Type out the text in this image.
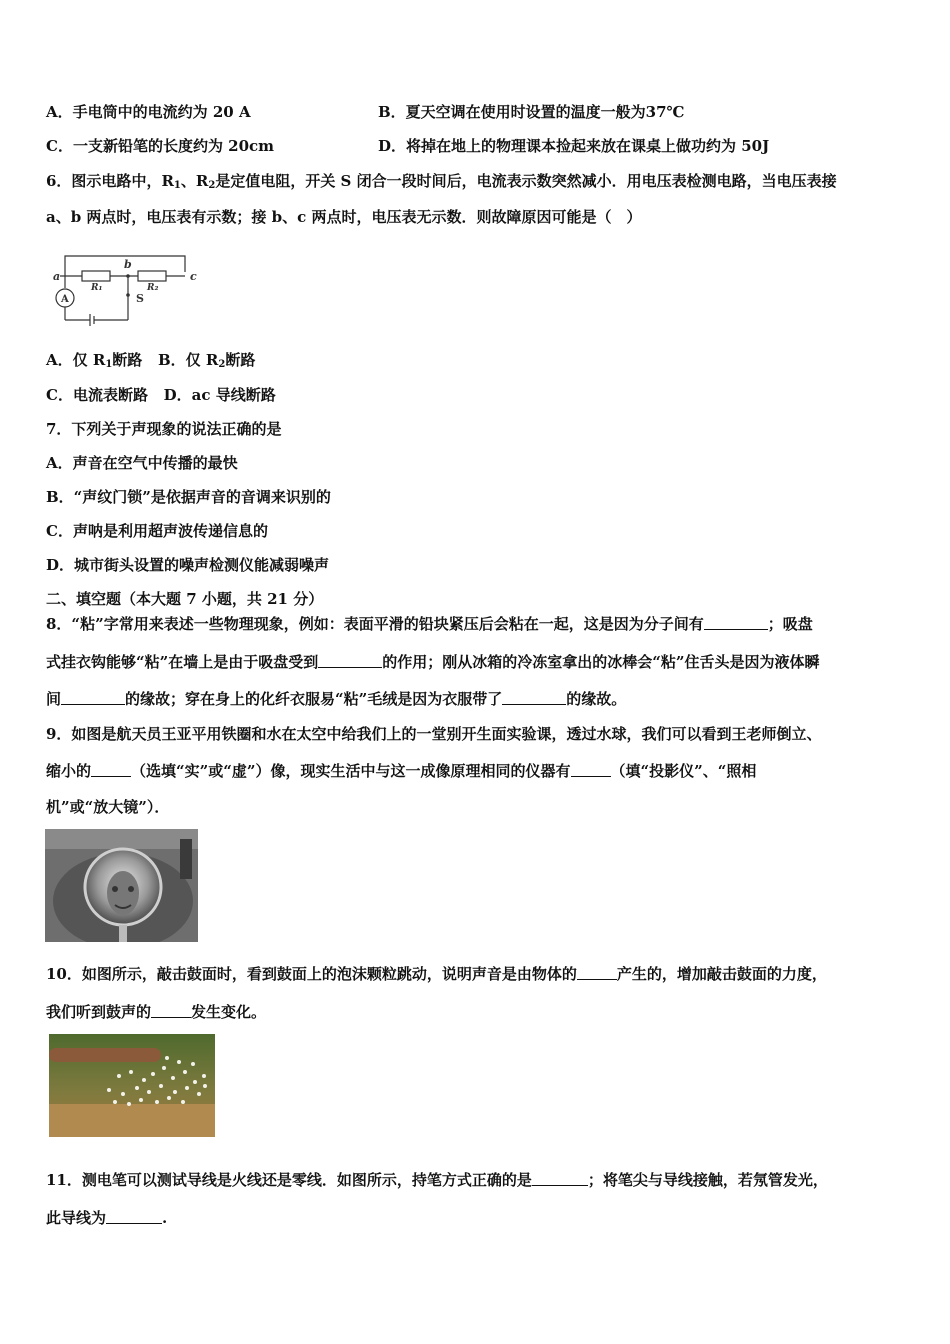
A．手电筒中的电流约为 20 A	B．夏天空调在使用时设置的温度一般为37℃
C．一支新铅笔的长度约为 20cm	D．将掉在地上的物理课本捡起来放在课桌上做功约为 50J
6．图示电路中，$R_1$、$R_2$是定值电阻，开关 S 闭合一段时间后，电流表示数突然减小．用电压表检测电路，当电压表接
a、b 两点时，电压表有示数；接 b、c 两点时，电压表无示数．则故障原因可能是（　）
a
b
c
R₁	R₂
S
A
A．仅 $R_1$断路 B．仅 $R_2$断路
C．电流表断路 D．ac 导线断路
7．下列关于声现象的说法正确的是
A．声音在空气中传播的最快
B．“声纹门锁”是依据声音的音调来识别的
C．声呐是利用超声波传递信息的
D．城市街头设置的噪声检测仪能减弱噪声
二、填空题（本大题 7 小题，共 21 分）
8．“粘”字常用来表述一些物理现象，例如：表面平滑的铅块紧压后会粘在一起，这是因为分子间有	；吸盘
式挂衣钩能够“粘”在墙上是由于吸盘受到	的作用；刚从冰箱的冷冻室拿出的冰棒会“粘”住舌头是因为液体瞬
间	的缘故；穿在身上的化纤衣服易“粘”毛绒是因为衣服带了	的缘故。
9．如图是航天员王亚平用铁圈和水在太空中给我们上的一堂别开生面实验课，透过水球，我们可以看到王老师倒立、
缩小的	（选填“实”或“虚”）像，现实生活中与这一成像原理相同的仪器有	（填“投影仪”、“照相
机”或“放大镜”）．
10．如图所示，敲击鼓面时，看到鼓面上的泡沫颗粒跳动，说明声音是由物体的	产生的，增加敲击鼓面的力度，
我们听到鼓声的	发生变化。
11．测电笔可以测试导线是火线还是零线．如图所示，持笔方式正确的是	；将笔尖与导线接触，若氖管发光，
此导线为	.
